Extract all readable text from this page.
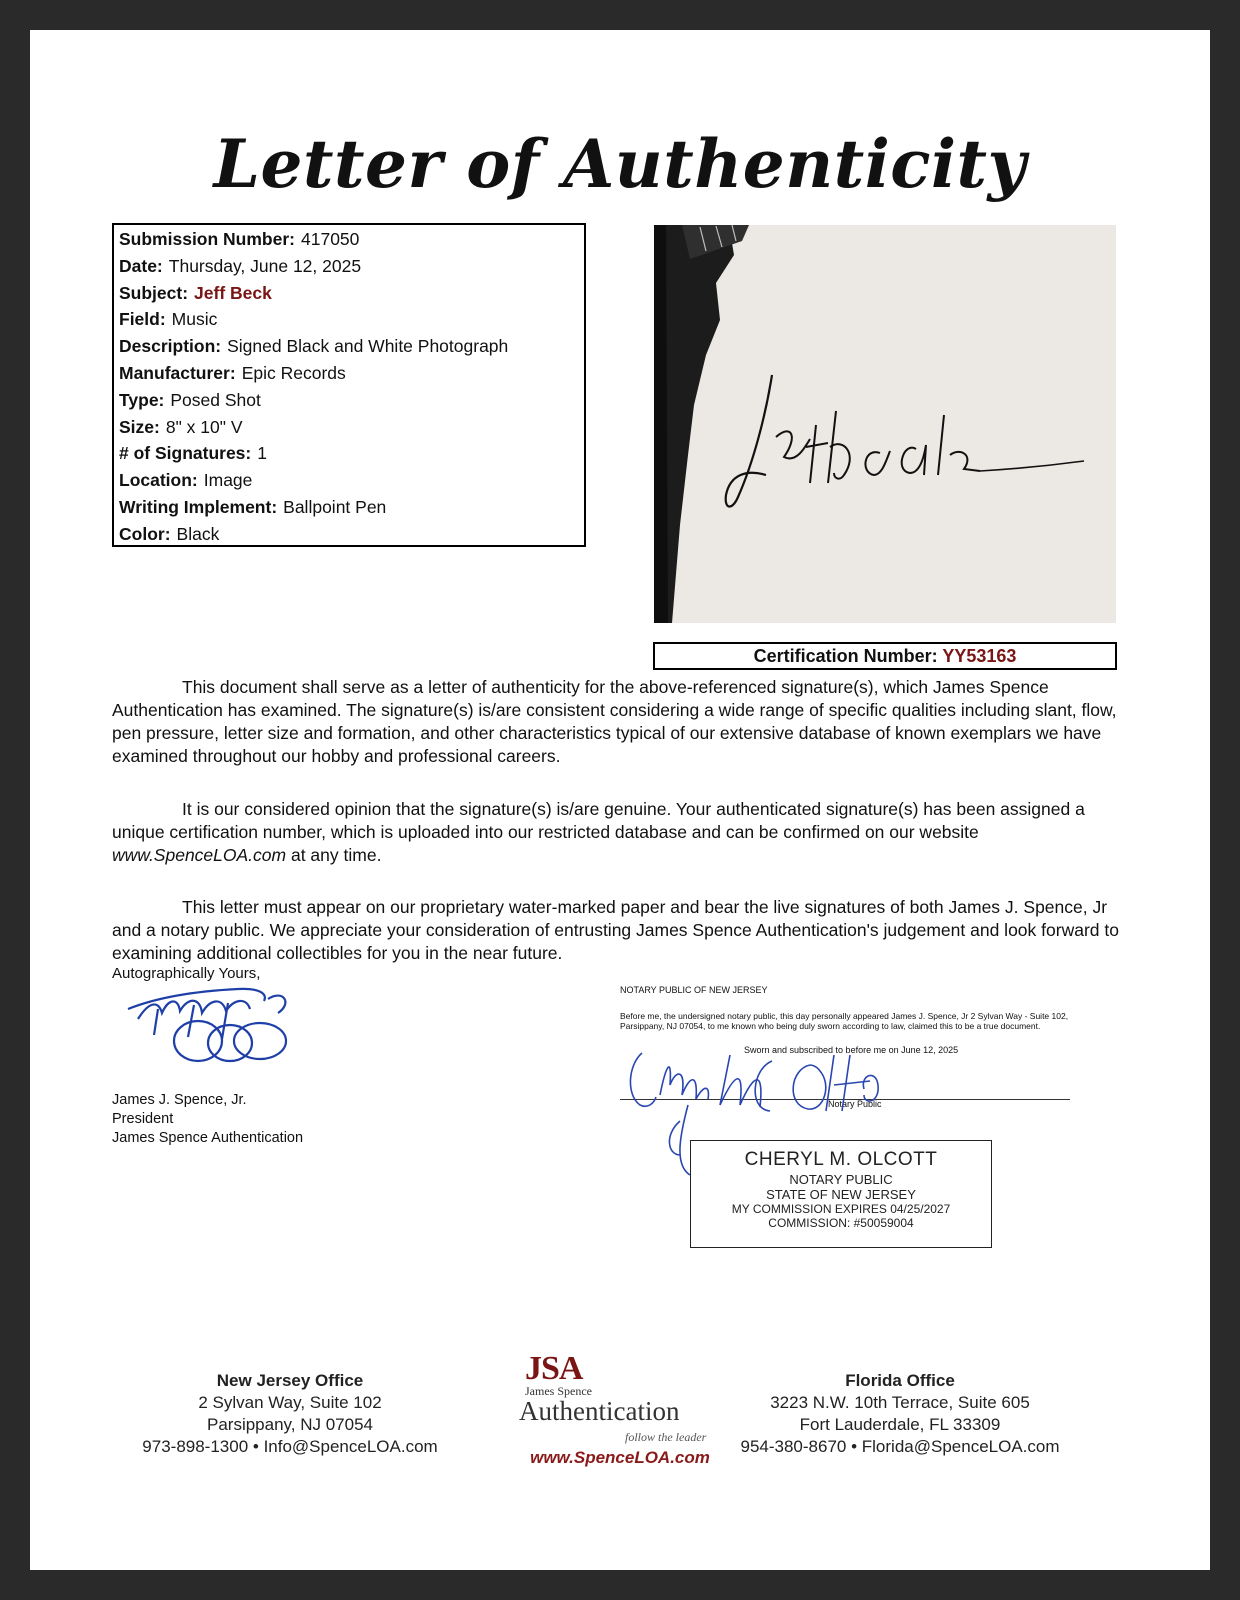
Letter of Authenticity
Submission Number: 417050
Date: Thursday, June 12, 2025
Subject: Jeff Beck
Field: Music
Description: Signed Black and White Photograph
Manufacturer: Epic Records
Type: Posed Shot
Size: 8" x 10" V
# of Signatures: 1
Location: Image
Writing Implement: Ballpoint Pen
Color: Black
Certification Number: YY53163
This document shall serve as a letter of authenticity for the above-referenced signature(s), which James Spence Authentication has examined. The signature(s) is/are consistent considering a wide range of specific qualities including slant, flow, pen pressure, letter size and formation, and other characteristics typical of our extensive database of known exemplars we have examined throughout our hobby and professional careers.
It is our considered opinion that the signature(s) is/are genuine. Your authenticated signature(s) has been assigned a unique certification number, which is uploaded into our restricted database and can be confirmed on our website www.SpenceLOA.com at any time.
This letter must appear on our proprietary water-marked paper and bear the live signatures of both James J. Spence, Jr and a notary public. We appreciate your consideration of entrusting James Spence Authentication's judgement and look forward to examining additional collectibles for you in the near future.
Autographically Yours,
James J. Spence, Jr.
President
James Spence Authentication
NOTARY PUBLIC OF NEW JERSEY
Before me, the undersigned notary public, this day personally appeared James J. Spence, Jr 2 Sylvan Way - Suite 102, Parsippany, NJ 07054, to me known who being duly sworn according to law, claimed this to be a true document.
Sworn and subscribed to before me on June 12, 2025
Notary Public
CHERYL M. OLCOTT
NOTARY PUBLIC
STATE OF NEW JERSEY
MY COMMISSION EXPIRES 04/25/2027
COMMISSION: #50059004
New Jersey Office
2 Sylvan Way, Suite 102
Parsippany, NJ 07054
973-898-1300 • Info@SpenceLOA.com
JSA
James Spence
Authentication
follow the leader
www.SpenceLOA.com
Florida Office
3223 N.W. 10th Terrace, Suite 605
Fort Lauderdale, FL 33309
954-380-8670 • Florida@SpenceLOA.com
